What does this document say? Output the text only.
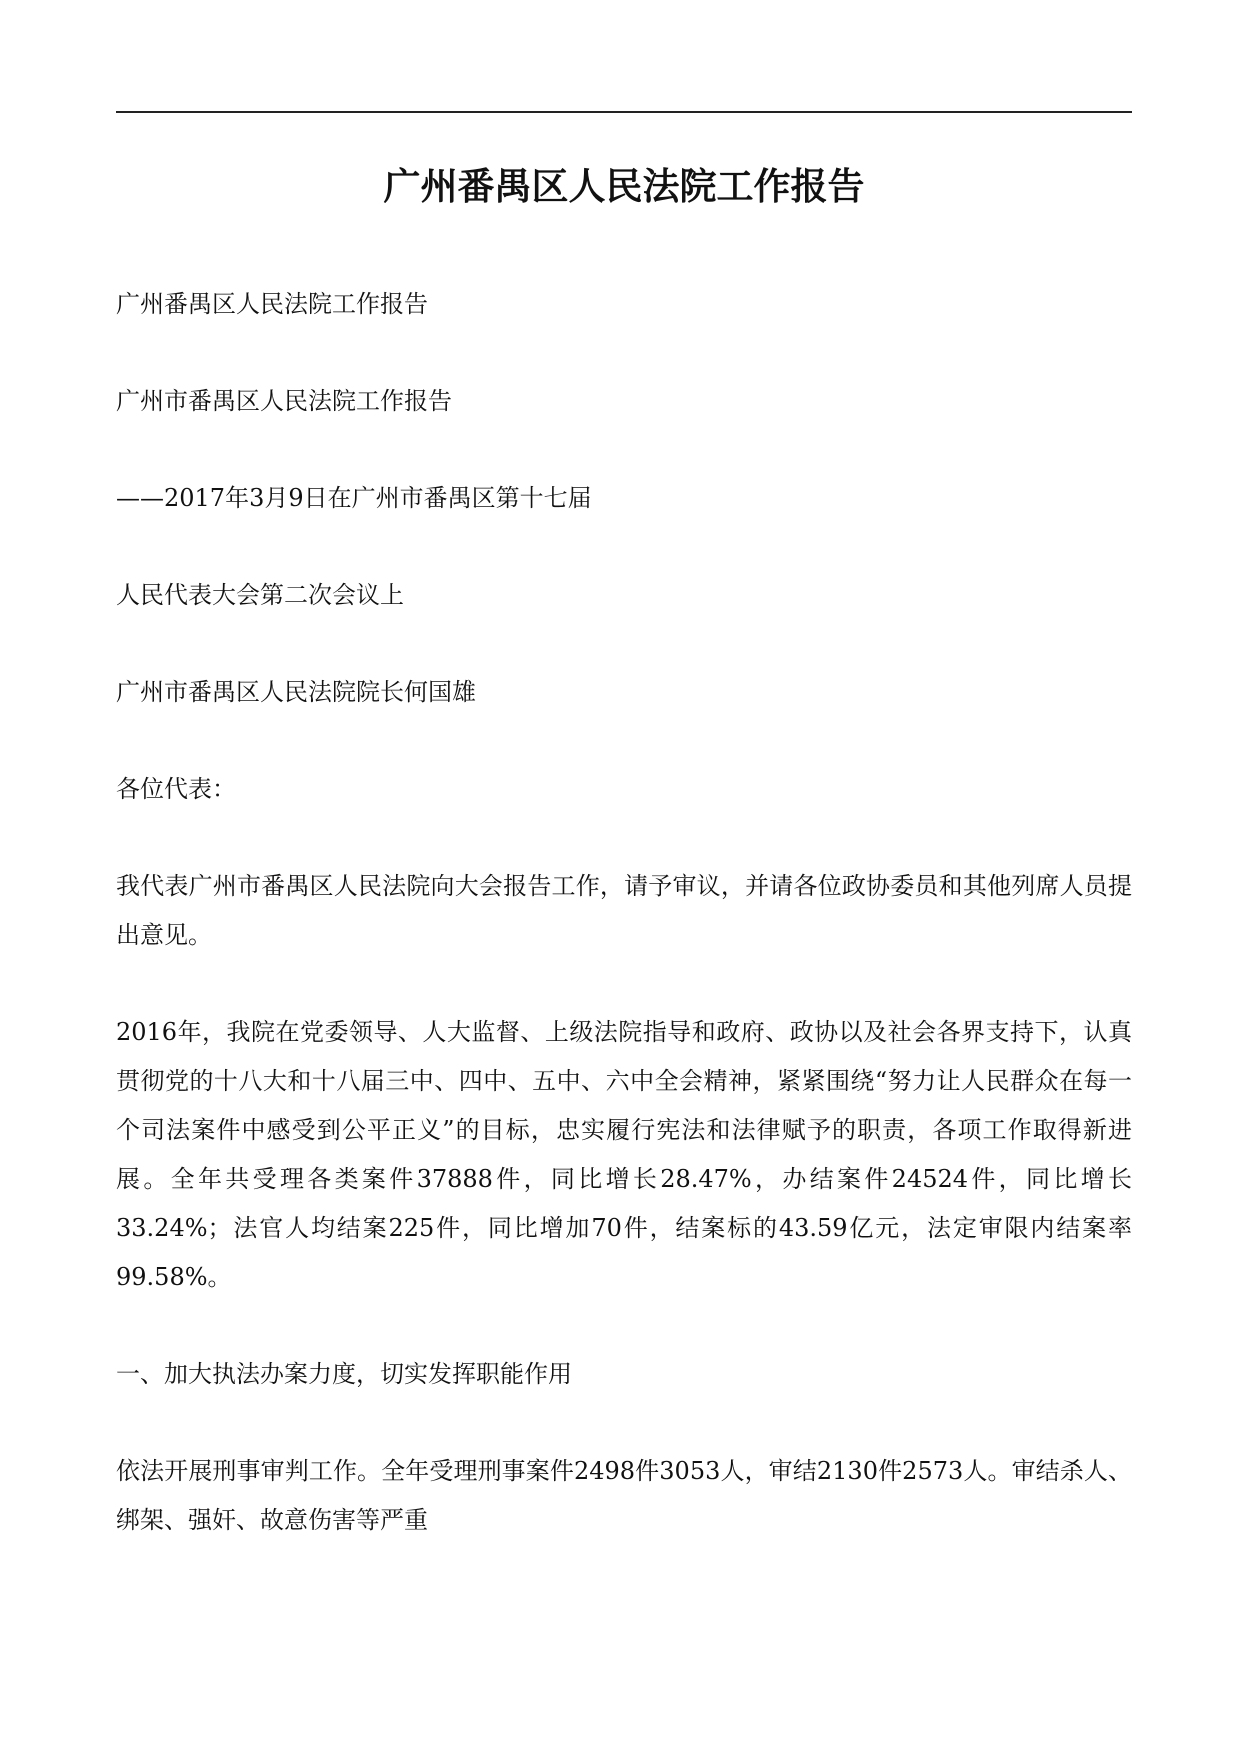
广州番禺区人民法院工作报告

广州番禺区人民法院工作报告

广州市番禺区人民法院工作报告

——2017年3月9日在广州市番禺区第十七届

人民代表大会第二次会议上

广州市番禺区人民法院院长何国雄

各位代表：

我代表广州市番禺区人民法院向大会报告工作，请予审议，并请各位政协委员和其他列席人员提出意见。

2016年，我院在党委领导、人大监督、上级法院指导和政府、政协以及社会各界支持下，认真贯彻党的十八大和十八届三中、四中、五中、六中全会精神，紧紧围绕“努力让人民群众在每一个司法案件中感受到公平正义”的目标，忠实履行宪法和法律赋予的职责，各项工作取得新进展。全年共受理各类案件37888件，同比增长28.47%，办结案件24524件，同比增长33.24%；法官人均结案225件，同比增加70件，结案标的43.59亿元，法定审限内结案率99.58%。

一、加大执法办案力度，切实发挥职能作用

依法开展刑事审判工作。全年受理刑事案件2498件3053人，审结2130件2573人。审结杀人、绑架、强奸、故意伤害等严重
